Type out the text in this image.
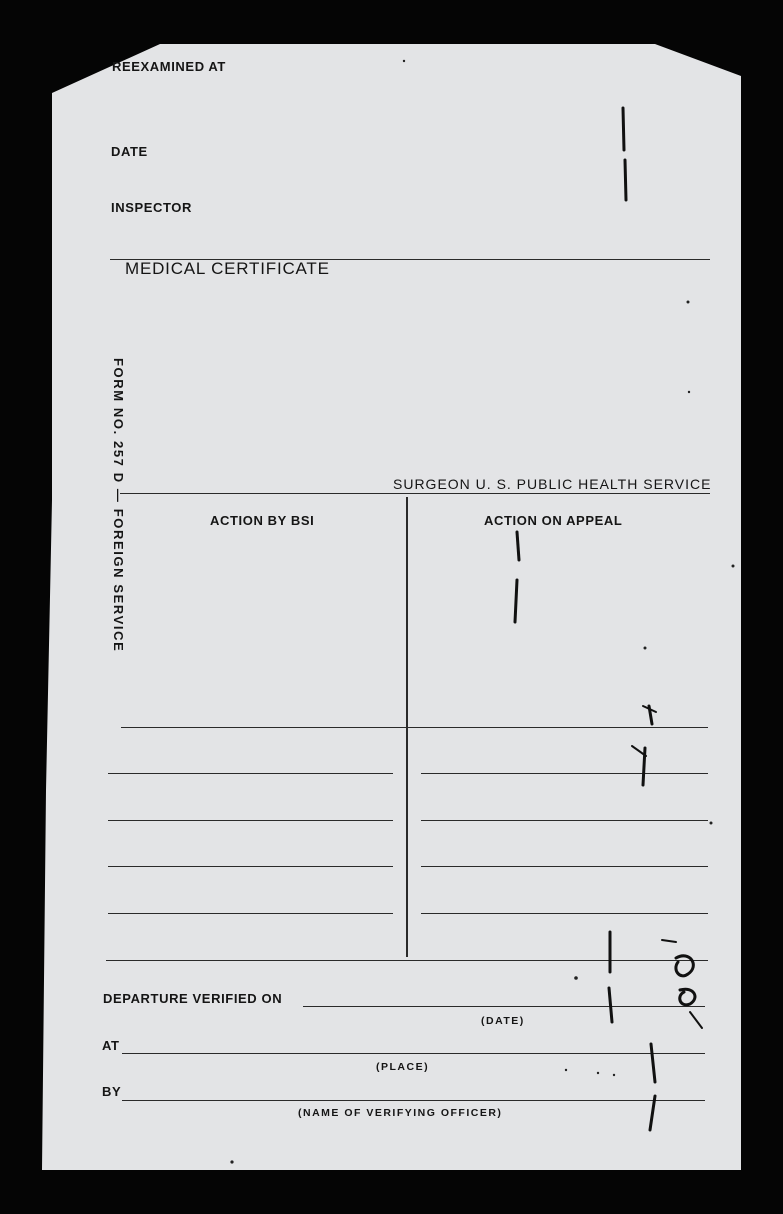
REEXAMINED AT
DATE
INSPECTOR
MEDICAL CERTIFICATE
SURGEON U. S. PUBLIC HEALTH SERVICE
FORM NO. 257 D — FOREIGN SERVICE	ACTION BY BSI	ACTION ON APPEAL
DEPARTURE VERIFIED ON
(DATE)
AT
(PLACE)
BY
(NAME OF VERIFYING OFFICER)
